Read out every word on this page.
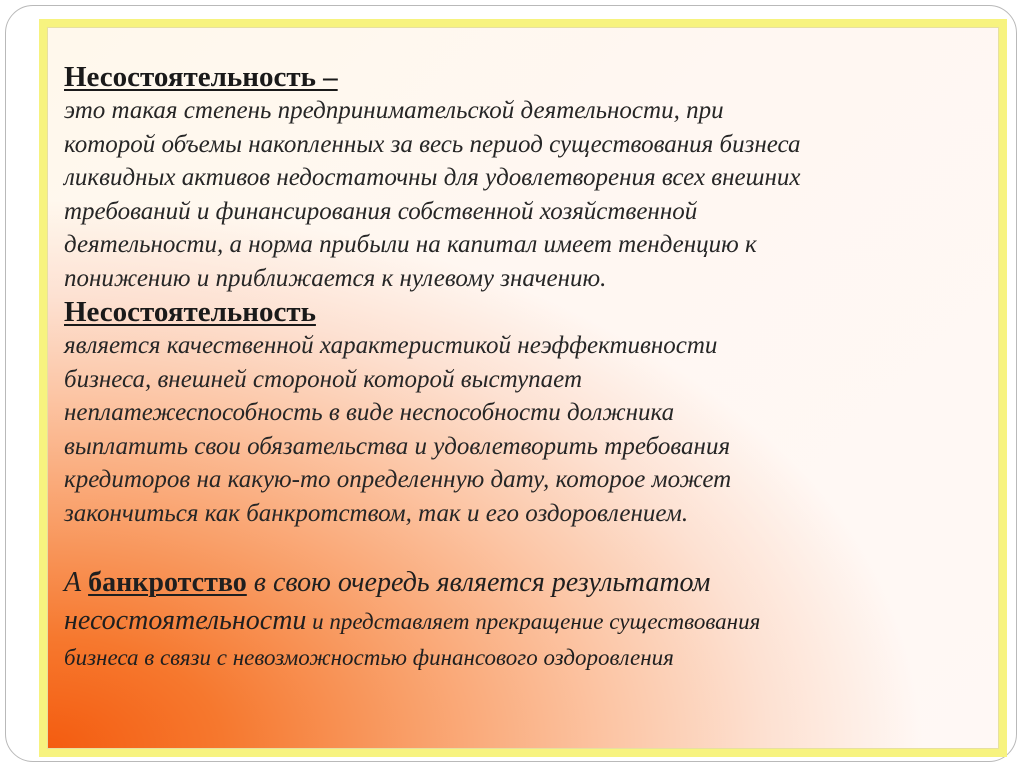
Несостоятельность –

это такая степень предпринимательской деятельности, при

которой объемы накопленных за весь период существования бизнеса

ликвидных активов недостаточны для удовлетворения всех внешних

требований и финансирования собственной хозяйственной

деятельности, а норма прибыли на капитал имеет тенденцию к

понижению и приближается к нулевому значению.

Несостоятельность

является качественной характеристикой неэффективности

бизнеса, внешней стороной которой выступает

неплатежеспособность в виде неспособности должника

выплатить свои обязательства и удовлетворить требования

кредиторов на какую-то определенную дату, которое может

закончиться как банкротством, так и его оздоровлением.

А банкротство в свою очередь является результатом

несостоятельности и представляет прекращение существования

бизнеса в связи с невозможностью финансового оздоровления
